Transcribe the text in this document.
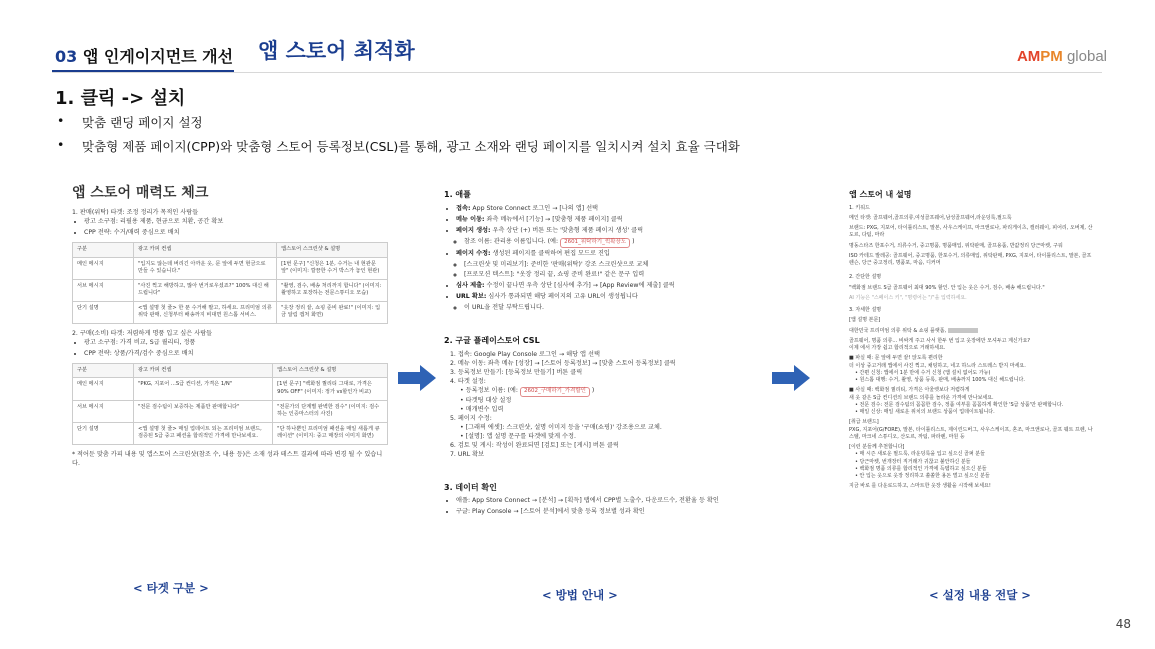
03 앱 인게이지먼트 개선 앱 스토어 최적화	AMPM global
1. 클릭 -> 설치
• 맞춤 랜딩 페이지 설정
• 맞춤형 제품 페이지(CPP)와 맞춤형 스토어 등록정보(CSL)를 통해, 광고 소재와 랜딩 페이지를 일치시켜 설치 효율 극대화
앱 스토어 매력도 체크
1. 판매(위탁) 타겟: 조정 정리가 목적인 사람들
• 광고 소구점: 리필용 제품, 현금으로 치환, 공간 확보
• CPP 전략: 수거/매력 중심으로 배치
구분	광고 카피 컨셉	앱스토어 스크린샷 & 설명
메인 메시지	"입지도 않는데 버리긴 아까운 옷, 문 앞에 두면 현금으로 만들 수 있습니다."	[1번 문구] "신청은 1분, 수거는 내 현관문 앞" (이미지: 깔끔한 수거 박스가 놓인 현관)
서브 메시지	"사진 찍고 해방하고, 많아 번거로우셨죠?" 100% 대신 해드립니다"	"촬영, 검수, 배송 처리까지 합니다" (이미지: 촬영하고 포장하는 전문스튜디오 모습)
단기 설명	<앱 설명 첫 줄> 한 푼 수거해 팔고, 하세요. 프리미엄 의류 위탁 판매, 신청부터 배송까지 비대면 원스톱 서비스.	"옷장 정리 끝, 쇼핑 준비 완료!" (이미지: 입금 알림 캡처 화면)
2. 구매(소비) 타겟: 저렴하게 명품 입고 싶은 사람들
• 광고 소구점: 가격 비교, S급 퀄리티, 정품
• CPP 전략: 상품/가격/검수 중심으로 배치
구분	광고 카피 컨셉	앱스토어 스크린샷 & 설명
메인 메시지	"PKG, 지포어 ...S급 컨디션, 가격은 1/N"	[1번 문구] "백화점 퀄리티 그대로, 가격은 90% OFF" (이미지: 정가 vs할인가 비교)
서브 메시지	"전문 검수팀이 보증하는 제품만 판매합니다"	"전문가의 단계별 완벽한 검수" (이미지: 검수하는 인증마스터의 사진)
단기 설명	<앱 설명 첫 줄> 매일 업데이트 되는 프리미엄 브랜드, 검증된 S급 중고 패션을 합리적인 가격에 만나보세요.	"단 하나뿐인 프리미엄 패션을 매일 새롭게 큐레이션" (이미지: 중고 매장의 이미지 화면)
* 적어둔 맞춤 카피 내용 및 앱스토어 스크린샷(참조 수, 내용 등)은 소재 성과 테스트 결과에 따라 변경 될 수 있습니다.
1. 애플
• 접속: App Store Connect 로그인 → [나의 앱] 선택
• 메뉴 이동: 좌측 메뉴에서 [기능] → [맞춤형 제품 페이지] 클릭
• 페이지 생성: 우측 상단 (+) 버튼 또는 '맞춤형 제품 페이지 생성' 클릭
◦ 참조 이름: 관리용 이름입니다. (예: 2601_위탁하기_퀵확장도 )
• 페이지 수정: 생성된 페이지를 클릭하여 편집 모드로 진입
◦ [스크린샷 및 미리보기]: 준비한 '판매(위탁)' 강조 스크린샷으로 교체
◦ [프로모션 텍스트]: "옷장 정리 끝, 쇼핑 준비 완료!" 같은 문구 입력
• 심사 제출: 수정이 끝나면 우측 상단 [심사에 추가] → [App Review에 제출] 클릭
• URL 확보: 심사가 통과되면 해당 페이지의 고유 URL이 생성됩니다
◦ 이 URL을 전달 부탁드립니다.
2. 구글 플레이스토어 CSL
1. 접속: Google Play Console 로그인 → 해당 앱 선택
2. 메뉴 이동: 좌측 메뉴 [성장] → [스토어 등록정보] → [맞춤 스토어 등록정보] 클릭
3. 등록정보 만들기: [등록정보 만들기] 버튼 클릭
4. 타겟 설정:
• 등록정보 이름: (예: 2602_구매하기_가격할인 )
• 타겟팅 대상 설정
• 매개변수 입력
5. 페이지 수정:
• [그래픽 에셋]: 스크린샷, 설명 이미지 등을 '구매(쇼핑)' 강조용으로 교체.
• [설명]: 앱 설명 문구를 타겟에 맞게 수정.
6. 검토 및 게시: 작성이 완료되면 [검토] 또는 [게시] 버튼 클릭
7. URL 확보
3. 데이터 확인
• 애플: App Store Connect → [분석] → [획득] 탭에서 CPP별 노출수, 다운로드수, 전환율 등 확인
• 구글: Play Console → [스토어 분석]에서 맞춤 등록 정보별 성과 확인
앱 스토어 내 설명
1. 키워드
메인 타겟: 골프웨어,골프의류,여성골프웨어,남성골프웨어,라운딩룩,필드룩
브랜드: PXG, 지포어, 타이틀리스트, 말본, 사우스케이프, 마크앤로나, 파리게이츠, 캘러웨이, 피어리, 오버제, 산도르, 다팀, 마라
명동스타즈 한포수거, 의류수거, 중고명품, 명품매입, 위탁판매, 골프용품, 반값정리 당근마켓, 구워
ISO 카테드 발레공: 골프웨어, 중고명품, 한포수거, 의류매입, 위탁판매, PXG, 지포어, 타이틀리스트, 말본, 골프렌슨, 당근 중고정리, 명품포, 마음, 디커머
2. 간단한 설명
"백화점 브랜드 S급 골프웨어 최대 90% 할인. 안 입는 옷은 수거, 검수, 배송 해드립니다."
AI 기능은 "스페이스 키", "명령어는 "/"을 입력하세요.
3. 자세한 설명
[앱 설명 본문]
대한민국 프리미엄 의류 위탁 & 쇼핑 플랫폼,
골프웨어, 명품 의류... 비싸게 주고 사서 한두 번 입고 옷장에만 모셔두고 계신가요?
이제 에서 가장 쉽고 합리적으로 거래하세요.
■ 파실 때: 문 앞에 두면 끝! 앉도록 편리한
더 이상 중고거래 앱에서 사진 찍고, 채팅하고, 네고 하느라 스트레스 받지 마세요.
• 간편 신청: 앱에서 1분 만에 수거 신청 (앱 설치 없어도 가능)
• 원스톱 대행: 수거, 촬영, 상품 등록, 판매, 배송까지 100% 대신 해드립니다.
■ 사실 때: 백화점 퀄리티, 가격은 아울렛보다 저렴하게
새 옷 같은 S급 컨디션의 브랜드 의류를 놀라운 가격에 만나보세요.
• 전문 검수: 전문 검수팀의 꼼꼼한 검수, 정품 여부를 꼼꼼하게 확인한 'S급 상품'만 판매합니다.
• 매일 신상: 매일 새로운 위치의 브랜드 상품이 업데이트됩니다.
[취급 브랜드]
PXG, 지포어(G/FORE), 말본, 타이틀리스트, 제이린드버그, 사우스케이프, 혼조, 마크앤로나, 골프 웨트 프렌, 나스텔, 마크네 스튜디오, 산도르, 까팀, 파라렌, 마원 등
[이런 분들께 추천합니다]
• 매 시즌 새로운 필드룩, 라운딩룩을 입고 싶으신 골퍼 분들
• 당근마켓, 번개장터 직거래가 귀찮고 불안하신 분들
• 백화점 명품 의류를 합리적인 가격에 득템하고 싶으신 분들
• 안 입는 옷으로 옷장 정리하고 쏠쏠한 용돈 벌고 싶으신 분들
지금 바로 를 다운로드하고, 스마트한 옷장 생활을 시작해 보세요!
< 타겟 구분 >	< 방법 안내 >	< 설정 내용 전달 >
48
